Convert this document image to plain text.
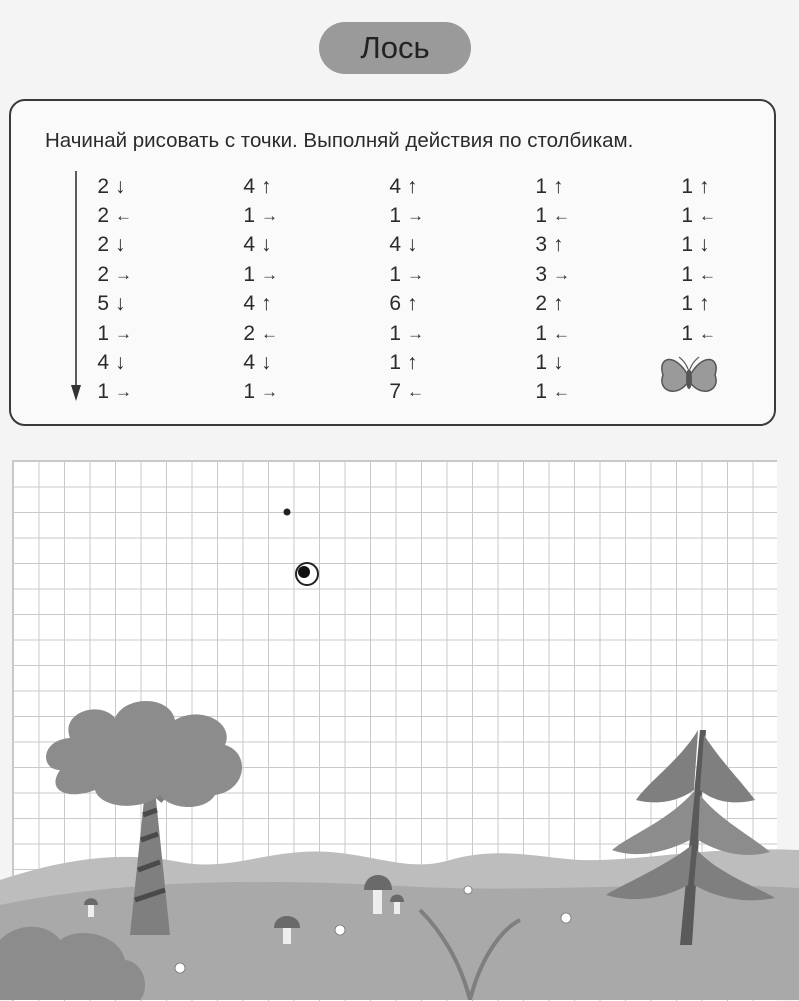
Лось
Начинай рисовать с точки. Выполняй действия по столбикам.
2 ↓
2 ←
2 ↓
2 →
5 ↓
1 →
4 ↓
1 →
4 ↑
1 →
4 ↓
1 →
4 ↑
2 ←
4 ↓
1 →
4 ↑
1 →
4 ↓
1 →
6 ↑
1 →
1 ↑
7 ←
1 ↑
1 ←
3 ↑
3 →
2 ↑
1 ←
1 ↓
1 ←
1 ↑
1 ←
1 ↓
1 ←
1 ↑
1 ←
